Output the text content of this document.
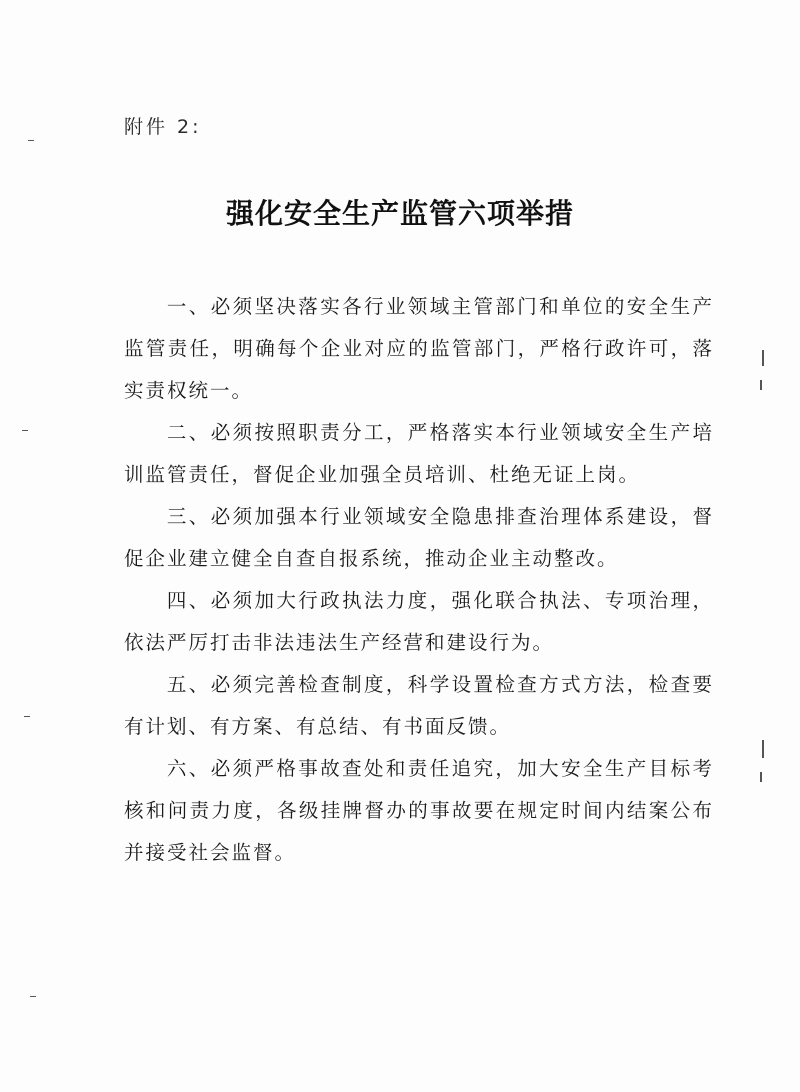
附件 2:
强化安全生产监管六项举措

一、必须坚决落实各行业领域主管部门和单位的安全生产监管责任，明确每个企业对应的监管部门，严格行政许可，落实责权统一。

二、必须按照职责分工，严格落实本行业领域安全生产培训监管责任，督促企业加强全员培训、杜绝无证上岗。

三、必须加强本行业领域安全隐患排查治理体系建设，督促企业建立健全自查自报系统，推动企业主动整改。

四、必须加大行政执法力度，强化联合执法、专项治理，依法严厉打击非法违法生产经营和建设行为。

五、必须完善检查制度，科学设置检查方式方法，检查要有计划、有方案、有总结、有书面反馈。

六、必须严格事故查处和责任追究，加大安全生产目标考核和问责力度，各级挂牌督办的事故要在规定时间内结案公布并接受社会监督。
